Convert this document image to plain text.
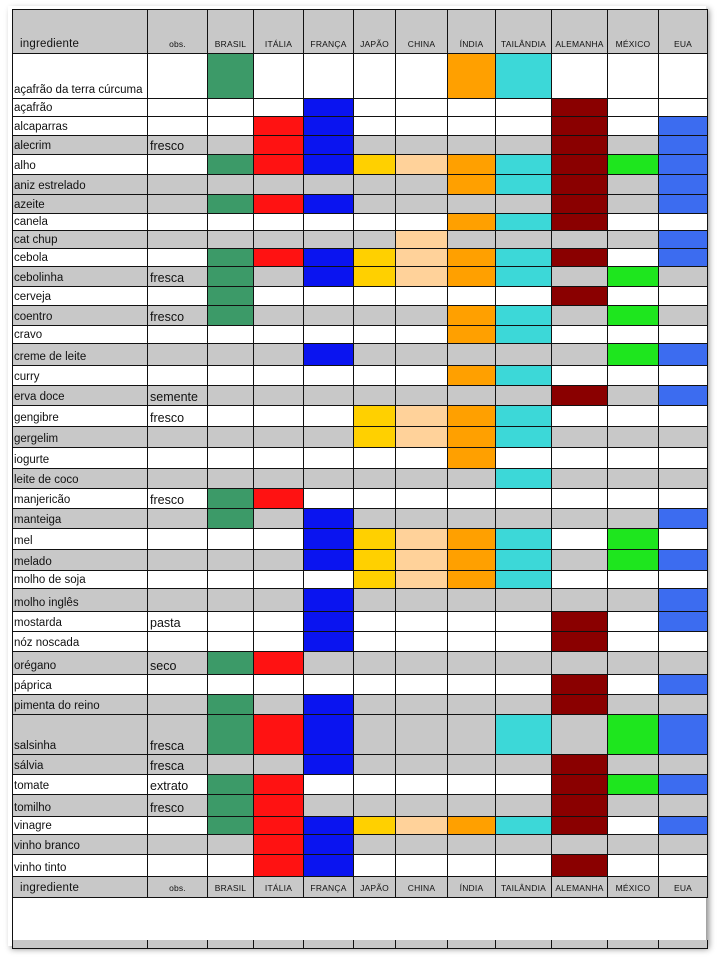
ingrediente	obs.	BRASIL	ITÁLIA	FRANÇA	JAPÃO	CHINA	ÍNDIA	TAILÂNDIA	ALEMANHA	MÉXICO	EUA
açafrão da terra cúrcuma
açafrão
alcaparras
alecrim	fresco
alho
aniz estrelado
azeite
canela
cat chup
cebola
cebolinha	fresca
cerveja
coentro	fresco
cravo
creme de leite
curry
erva doce	semente
gengibre	fresco
gergelim
iogurte
leite de coco
manjericão	fresco
manteiga
mel
melado
molho de soja
molho inglês
mostarda	pasta
nóz noscada
orégano	seco
páprica
pimenta do reino
salsinha	fresca
sálvia	fresca
tomate	extrato
tomilho	fresco
vinagre
vinho branco
vinho tinto
ingrediente	obs.	BRASIL	ITÁLIA	FRANÇA	JAPÃO	CHINA	ÍNDIA	TAILÂNDIA	ALEMANHA	MÉXICO	EUA
